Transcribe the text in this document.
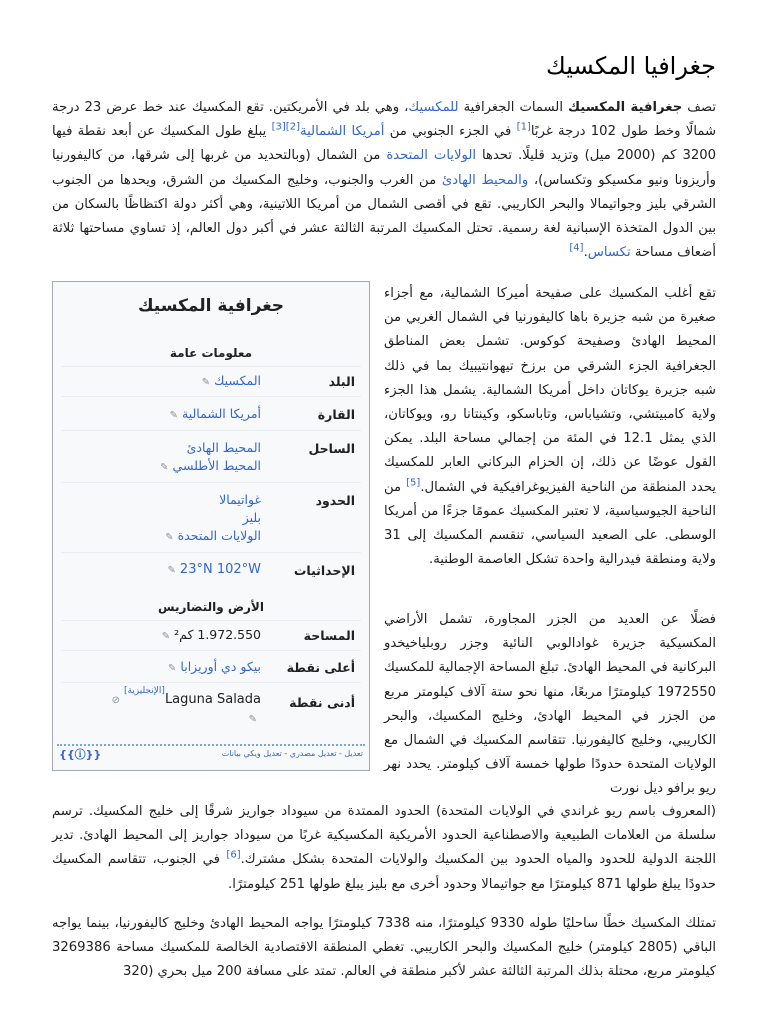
جغرافيا المكسيك

تصف جغرافية المكسيك السمات الجغرافية للمكسيك، وهي بلد في الأمريكتين. تقع المكسيك عند خط عرض 23 درجة شمالًا وخط طول 102 درجة غربًا[1] في الجزء الجنوبي من أمريكا الشمالية[2][3] يبلغ طول المكسيك عن أبعد نقطة فيها 3200 كم (2000 ميل) وتزيد قليلًا. تحدها الولايات المتحدة من الشمال (وبالتحديد من غربها إلى شرقها، من كاليفورنيا وأريزونا ونيو مكسيكو وتكساس)، والمحيط الهادئ من الغرب والجنوب، وخليج المكسيك من الشرق، ويحدها من الجنوب الشرقي بليز وجواتيمالا والبحر الكاريبي. تقع في أقصى الشمال من أمريكا اللاتينية، وهي أكثر دولة اكتظاظًا بالسكان من بين الدول المتخذة الإسبانية لغة رسمية. تحتل المكسيك المرتبة الثالثة عشر في أكبر دول العالم، إذ تساوي مساحتها ثلاثة أضعاف مساحة تكساس.[4]

تقع أغلب المكسيك على صفيحة أميركا الشمالية، مع أجزاء صغيرة من شبه جزيرة باها كاليفورنيا في الشمال الغربي من المحيط الهادئ وصفيحة كوكوس. تشمل بعض المناطق الجغرافية الجزء الشرقي من برزخ تيهوانتيبيك بما في ذلك شبه جزيرة يوكاتان داخل أمريكا الشمالية. يشمل هذا الجزء ولاية كامبيتشي، وتشياباس، وتاباسكو، وكينتانا رو، ويوكاتان، الذي يمثل 12.1 في المئة من إجمالي مساحة البلد. يمكن القول عوضًا عن ذلك، إن الحزام البركاني العابر للمكسيك يحدد المنطقة من الناحية الفيزيوغرافيكية في الشمال.[5] من الناحية الجيوسياسية، لا تعتبر المكسيك عمومًا جزءًا من أمريكا الوسطى. على الصعيد السياسي، تنقسم المكسيك إلى 31 ولاية ومنطقة فيدرالية واحدة تشكل العاصمة الوطنية.

فضلًا عن العديد من الجزر المجاورة، تشمل الأراضي المكسيكية جزيرة غوادالوبي النائية وجزر روبلياخيخدو البركانية في المحيط الهادئ. تبلغ المساحة الإجمالية للمكسيك 1972550 كيلومترًا مربعًا، منها نحو ستة آلاف كيلومتر مربع من الجزر في المحيط الهادئ، وخليج المكسيك، والبحر الكاريبي، وخليج كاليفورنيا. تتقاسم المكسيك في الشمال مع الولايات المتحدة حدودًا طولها خمسة آلاف كيلومتر. يحدد نهر ريو برافو ديل نورت

(المعروف باسم ريو غراندي في الولايات المتحدة) الحدود الممتدة من سيوداد جواريز شرقًا إلى خليج المكسيك. ترسم سلسلة من العلامات الطبيعية والاصطناعية الحدود الأمريكية المكسيكية غربًا من سيوداد جواريز إلى المحيط الهادئ. تدير اللجنة الدولية للحدود والمياه الحدود بين المكسيك والولايات المتحدة بشكل مشترك.[6] في الجنوب، تتقاسم المكسيك حدودًا يبلغ طولها 871 كيلومترًا مع جواتيمالا وحدود أخرى مع بليز يبلغ طولها 251 كيلومترًا.

تمتلك المكسيك خطًا ساحليًا طوله 9330 كيلومترًا، منه 7338 كيلومترًا يواجه المحيط الهادئ وخليج كاليفورنيا، بينما يواجه الباقي (2805 كيلومتر) خليج المكسيك والبحر الكاريبي. تغطي المنطقة الاقتصادية الخالصة للمكسيك مساحة 3269386 كيلومتر مربع، محتلة بذلك المرتبة الثالثة عشر لأكبر منطقة في العالم. تمتد على مسافة 200 ميل بحري (320

جغرافية المكسيك
معلومات عامة
البلد
المكسيك✎
القارة
أمريكا الشمالية✎
الساحل
المحيط الهادئ
المحيط الأطلسي✎
الحدود
غواتيمالا
بليز
الولايات المتحدة✎
الإحداثيات
23°N 102°W✎
الأرض والتضاريس
المساحة
1.972.550 كم²✎
أعلى نقطة
بيكو دي أوريزابا✎
أدنى نقطة
Laguna Salada[الإنجليزية]⊘
✎
تعديل - تعديل مصدري - تعديل ويكي بيانات
{{ⓘ}}
